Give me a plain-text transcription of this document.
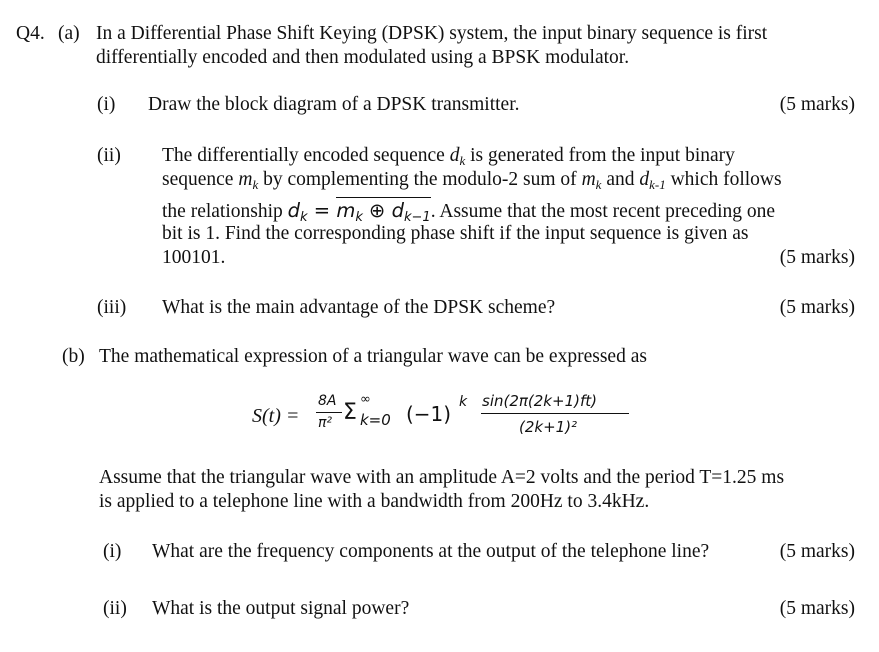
Q4. (a) In a Differential Phase Shift Keying (DPSK) system, the input binary sequence is first
differentially encoded and then modulated using a BPSK modulator.
(i) Draw the block diagram of a DPSK transmitter.	(5 marks)
(ii) The differentially encoded sequence $d_k$ is generated from the input binary
sequence $m_k$ by complementing the modulo-2 sum of $m_k$ and $d_{k-1}$ which follows
the relationship $d_k = m_k$ ⊕ $d_{k-1}$. Assume that the most recent preceding one
bit is 1. Find the corresponding phase shift if the input sequence is given as
100101.	(5 marks)
(iii) What is the main advantage of the DPSK scheme?	(5 marks)
(b) The mathematical expression of a triangular wave can be expressed as
S(t) =
8A
π² Σ
∞
k=0 (−1) k sin(2π(2k+1)ft)
(2k+1)²
Assume that the triangular wave with an amplitude A=2 volts and the period T=1.25 ms
is applied to a telephone line with a bandwidth from 200Hz to 3.4kHz.
(i) What are the frequency components at the output of the telephone line?	(5 marks)
(ii) What is the output signal power?	(5 marks)
